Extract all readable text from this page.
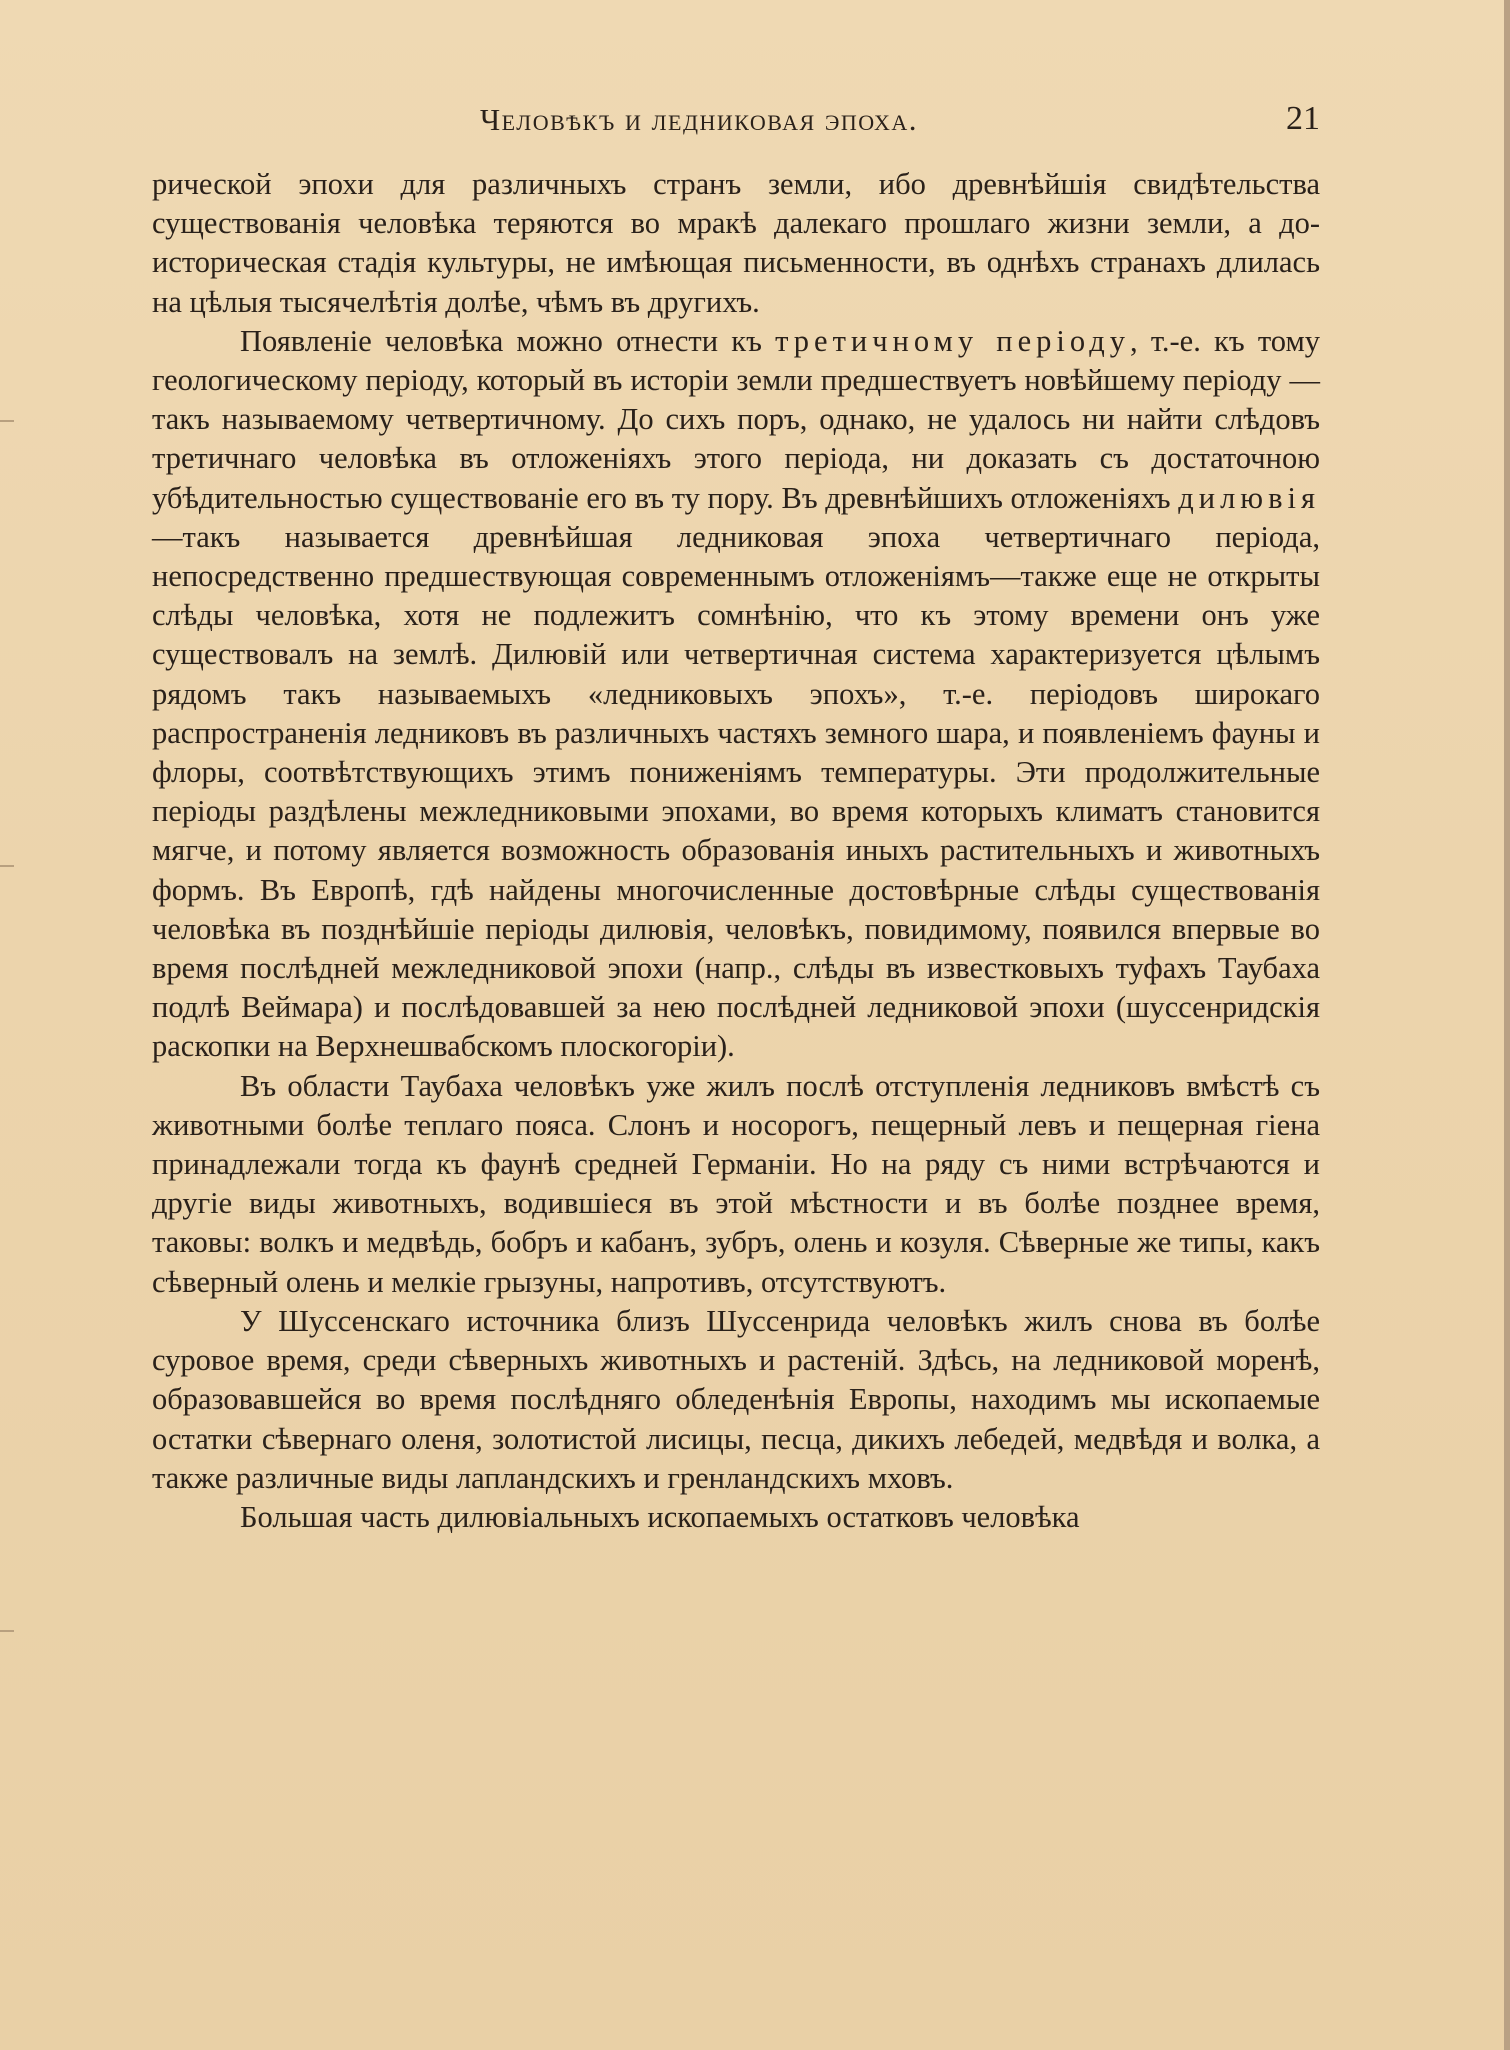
Человѣкъ и ледниковая эпоха.	21

рической эпохи для различныхъ странъ земли, ибо древнѣйшія свидѣтельства существованія человѣка теряются во мракѣ далекаго прошлаго жизни земли, а до-историческая стадія культуры, не имѣющая письменности, въ однѣхъ странахъ длилась на цѣлыя тысячелѣтія долѣе, чѣмъ въ другихъ.

Появленіе человѣка можно отнести къ третичному періоду, т.-е. къ тому геологическому періоду, который въ исторіи земли предшествуетъ новѣйшему періоду — такъ называемому четвертичному. До сихъ поръ, однако, не удалось ни найти слѣдовъ третичнаго человѣка въ отложеніяхъ этого періода, ни доказать съ достаточною убѣдительностью существованіе его въ ту пору. Въ древнѣйшихъ отложеніяхъ дилювія—такъ называется древнѣйшая ледниковая эпоха четвертичнаго періода, непосредственно предшествующая современнымъ отложеніямъ—также еще не открыты слѣды человѣка, хотя не подлежитъ сомнѣнію, что къ этому времени онъ уже существовалъ на землѣ. Дилювій или четвертичная система характеризуется цѣлымъ рядомъ такъ называемыхъ «ледниковыхъ эпохъ», т.-е. періодовъ широкаго распространенія ледниковъ въ различныхъ частяхъ земного шара, и появленіемъ фауны и флоры, соотвѣтствующихъ этимъ пониженіямъ температуры. Эти продолжительные періоды раздѣлены межледниковыми эпохами, во время которыхъ климатъ становится мягче, и потому является возможность образованія иныхъ растительныхъ и животныхъ формъ. Въ Европѣ, гдѣ найдены многочисленные достовѣрные слѣды существованія человѣка въ позднѣйшіе періоды дилювія, человѣкъ, повидимому, появился впервые во время послѣдней межледниковой эпохи (напр., слѣды въ известковыхъ туфахъ Таубаха подлѣ Веймара) и послѣдовавшей за нею послѣдней ледниковой эпохи (шуссенридскія раскопки на Верхнешвабскомъ плоскогоріи).

Въ области Таубаха человѣкъ уже жилъ послѣ отступленія ледниковъ вмѣстѣ съ животными болѣе теплаго пояса. Слонъ и носорогъ, пещерный левъ и пещерная гіена принадлежали тогда къ фаунѣ средней Германіи. Но на ряду съ ними встрѣчаются и другіе виды животныхъ, водившіеся въ этой мѣстности и въ болѣе позднее время, таковы: волкъ и медвѣдь, бобръ и кабанъ, зубръ, олень и козуля. Сѣверные же типы, какъ сѣверный олень и мелкіе грызуны, напротивъ, отсутствуютъ.

У Шуссенскаго источника близъ Шуссенрида человѣкъ жилъ снова въ болѣе суровое время, среди сѣверныхъ животныхъ и растеній. Здѣсь, на ледниковой моренѣ, образовавшейся во время послѣдняго обледенѣнія Европы, находимъ мы ископаемые остатки сѣвернаго оленя, золотистой лисицы, песца, дикихъ лебедей, медвѣдя и волка, а также различные виды лапландскихъ и гренландскихъ мховъ.

Большая часть дилювіальныхъ ископаемыхъ остатковъ человѣка
